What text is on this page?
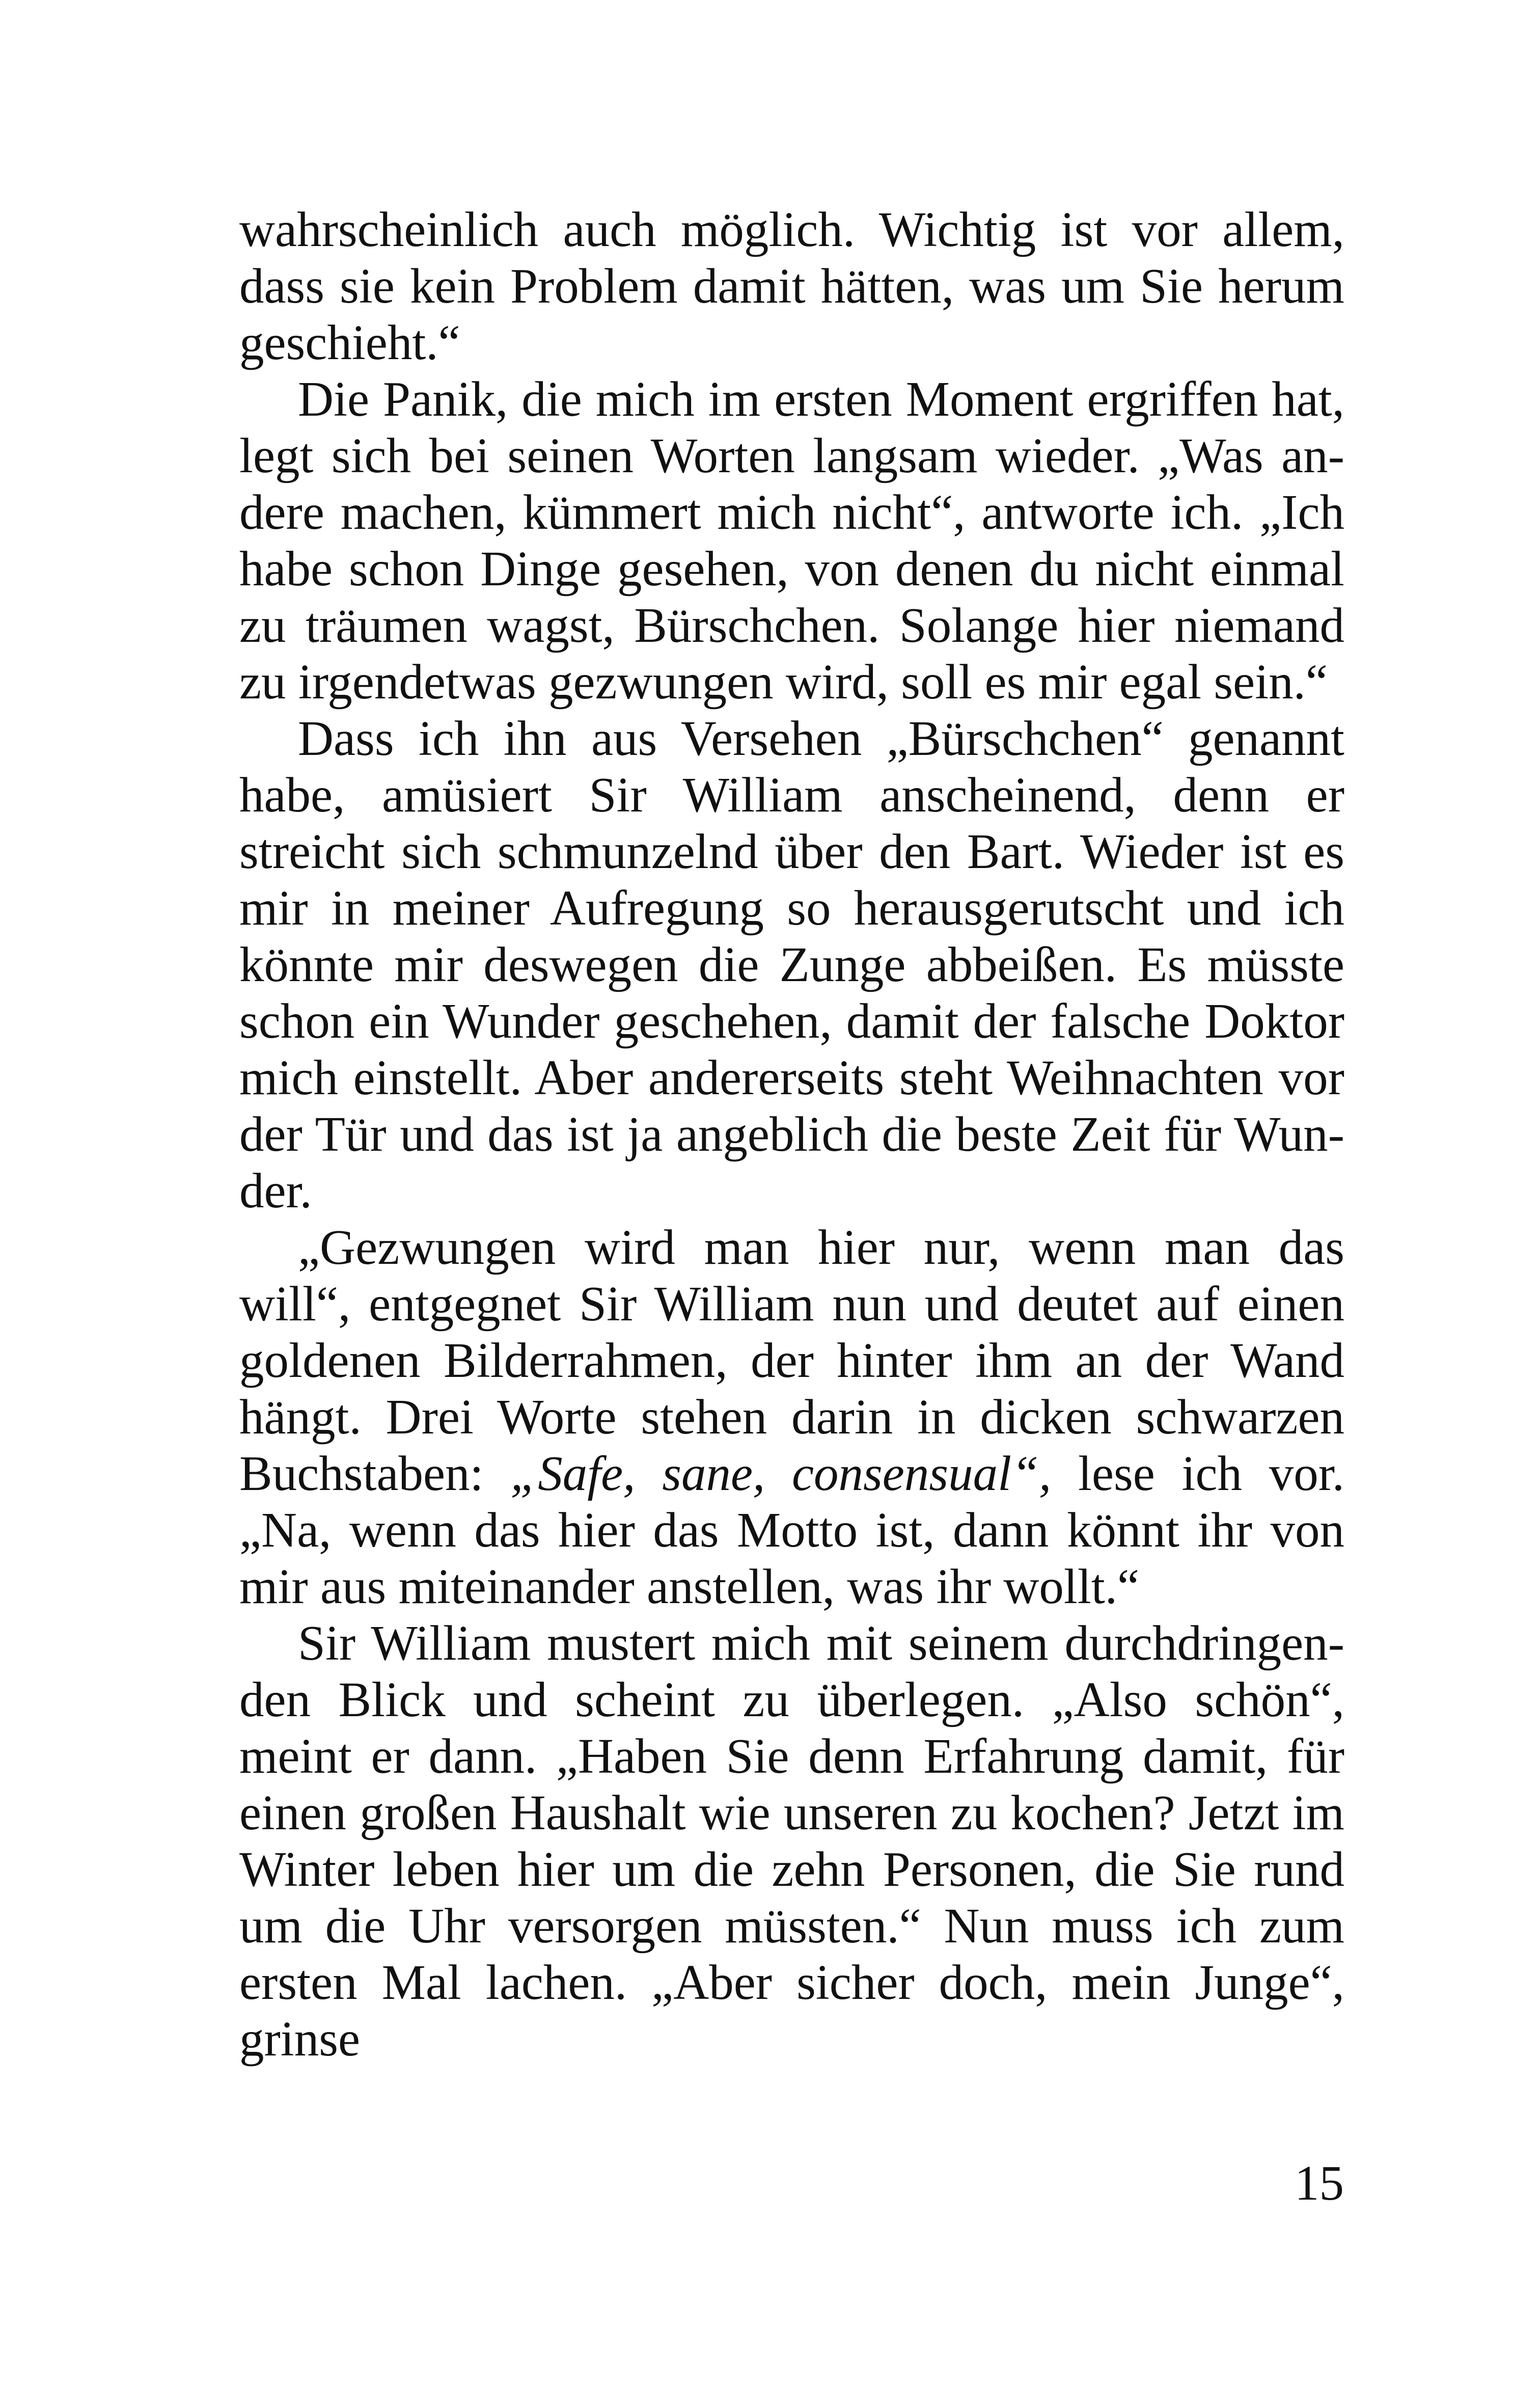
wahrscheinlich auch möglich. Wichtig ist vor allem, dass sie kein Problem damit hätten, was um Sie herum geschieht.“

Die Panik, die mich im ersten Moment ergriffen hat, legt sich bei seinen Worten langsam wieder. „Was andere machen, kümmert mich nicht“, antworte ich. „Ich habe schon Dinge gesehen, von denen du nicht einmal zu träumen wagst, Bürschchen. Solange hier niemand zu irgendetwas gezwungen wird, soll es mir egal sein.“

Dass ich ihn aus Versehen „Bürschchen“ genannt habe, amüsiert Sir William anscheinend, denn er streicht sich schmunzelnd über den Bart. Wieder ist es mir in meiner Aufregung so herausgerutscht und ich könnte mir deswegen die Zunge abbeißen. Es müsste schon ein Wunder geschehen, damit der falsche Doktor mich einstellt. Aber andererseits steht Weihnachten vor der Tür und das ist ja angeblich die beste Zeit für Wunder.

„Gezwungen wird man hier nur, wenn man das will“, entgegnet Sir William nun und deutet auf einen goldenen Bilderrahmen, der hinter ihm an der Wand hängt. Drei Worte stehen darin in dicken schwarzen Buchstaben: „Safe, sane, consensual“, lese ich vor. „Na, wenn das hier das Motto ist, dann könnt ihr von mir aus miteinander anstellen, was ihr wollt.“

Sir William mustert mich mit seinem durchdringenden Blick und scheint zu überlegen. „Also schön“, meint er dann. „Haben Sie denn Erfahrung damit, für einen großen Haushalt wie unseren zu kochen? Jetzt im Winter leben hier um die zehn Personen, die Sie rund um die Uhr versorgen müssten.“ Nun muss ich zum ersten Mal lachen. „Aber sicher doch, mein Junge“, grinse

15
